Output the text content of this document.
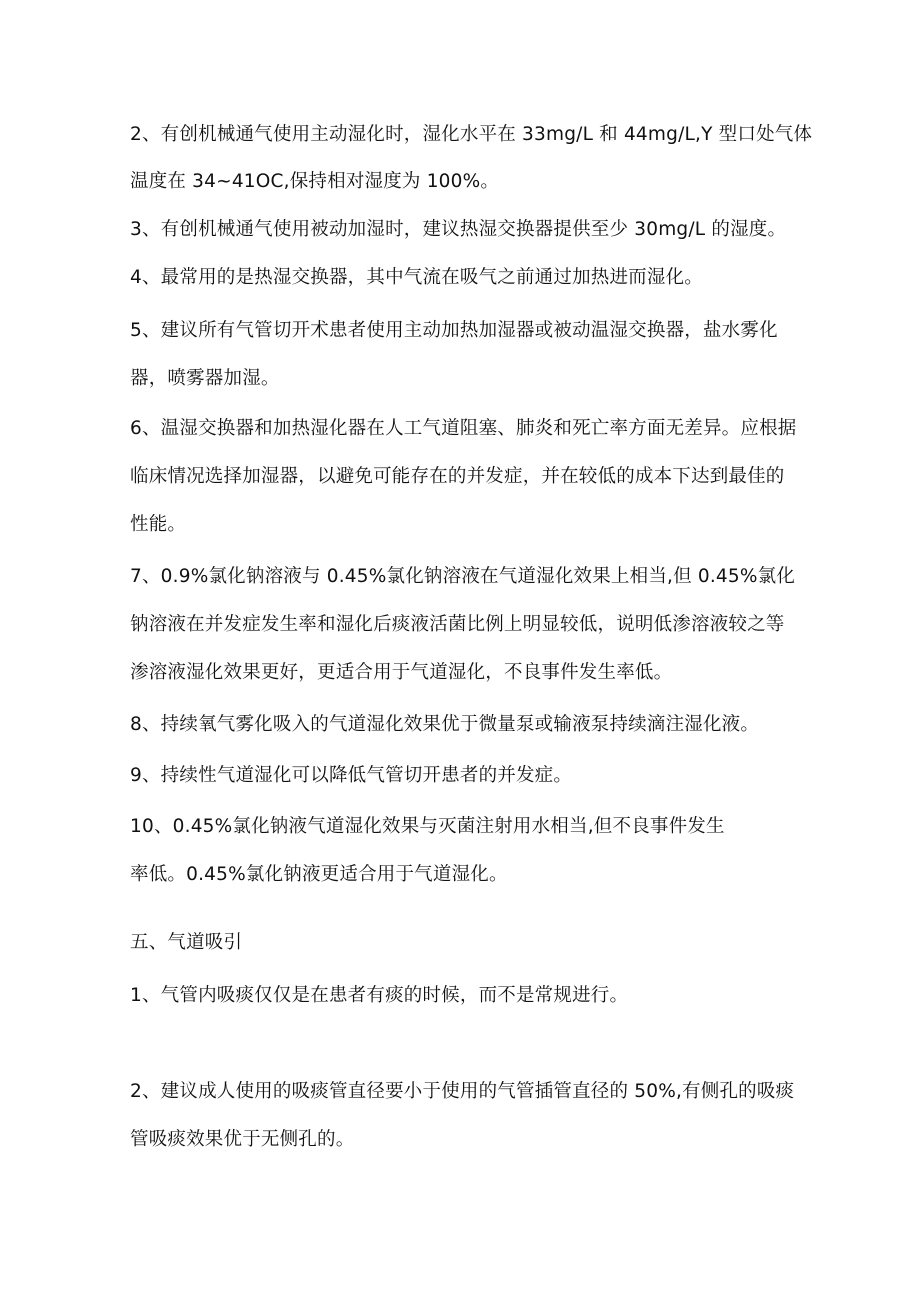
2、有创机械通气使用主动湿化时，湿化水平在 33mg/L 和 44mg/L,Y 型口处气体

温度在 34~41OC,保持相对湿度为 100%。

3、有创机械通气使用被动加湿时，建议热湿交换器提供至少 30mg/L 的湿度。

4、最常用的是热湿交换器，其中气流在吸气之前通过加热进而湿化。

5、建议所有气管切开术患者使用主动加热加湿器或被动温湿交换器，盐水雾化

器，喷雾器加湿。

6、温湿交换器和加热湿化器在人工气道阻塞、肺炎和死亡率方面无差异。应根据

临床情况选择加湿器，以避免可能存在的并发症，并在较低的成本下达到最佳的

性能。

7、0.9%氯化钠溶液与 0.45%氯化钠溶液在气道湿化效果上相当,但 0.45%氯化

钠溶液在并发症发生率和湿化后痰液活菌比例上明显较低，说明低渗溶液较之等

渗溶液湿化效果更好，更适合用于气道湿化，不良事件发生率低。

8、持续氧气雾化吸入的气道湿化效果优于微量泵或输液泵持续滴注湿化液。

9、持续性气道湿化可以降低气管切开患者的并发症。

10、0.45%氯化钠液气道湿化效果与灭菌注射用水相当,但不良事件发生

率低。0.45%氯化钠液更适合用于气道湿化。

五、气道吸引

1、气管内吸痰仅仅是在患者有痰的时候，而不是常规进行。

2、建议成人使用的吸痰管直径要小于使用的气管插管直径的 50%,有侧孔的吸痰

管吸痰效果优于无侧孔的。
